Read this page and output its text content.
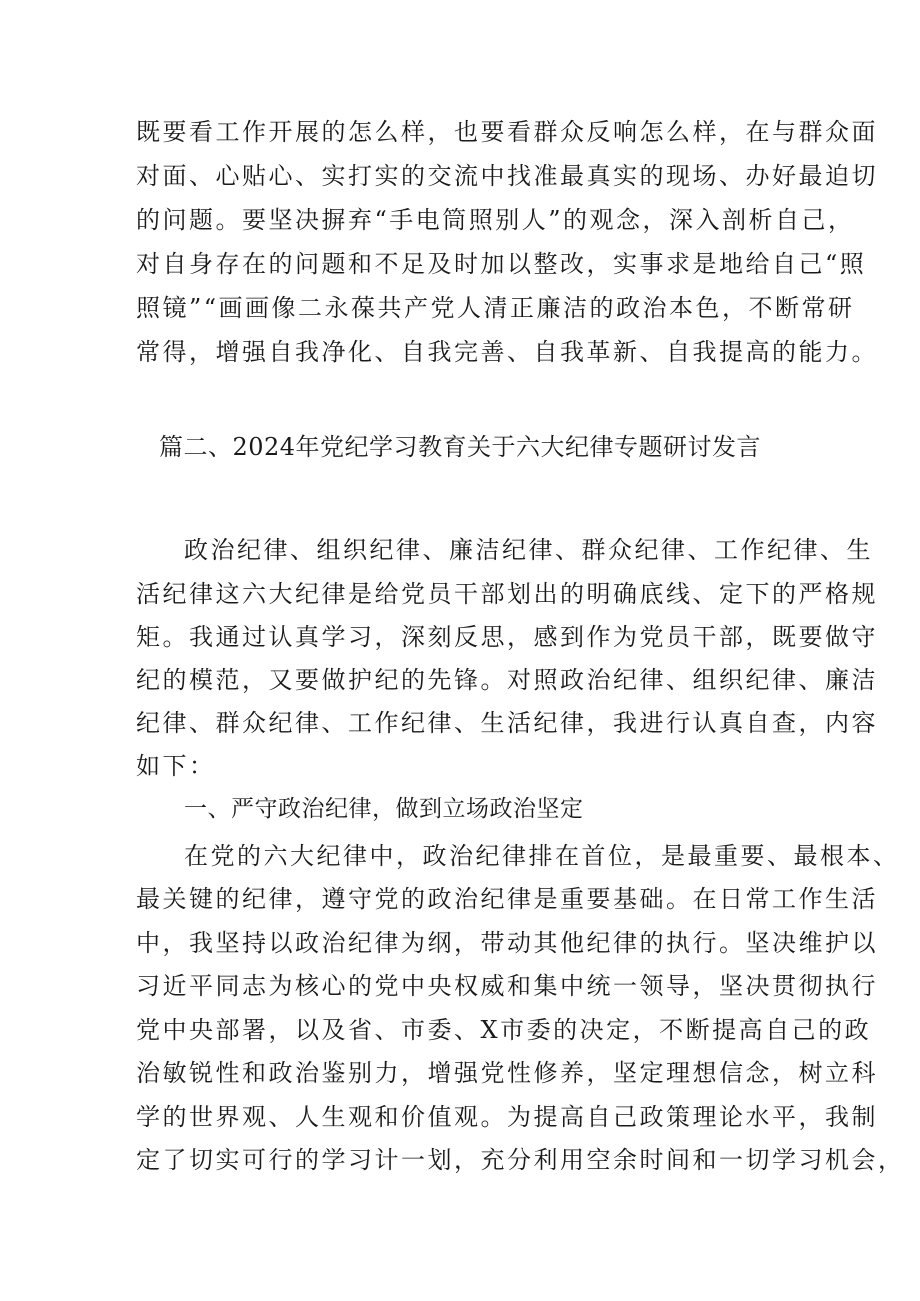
既要看工作开展的怎么样，也要看群众反响怎么样，在与群众面
对面、心贴心、实打实的交流中找准最真实的现场、办好最迫切
的问题。要坚决摒弃“手电筒照别人”的观念，深入剖析自己，
对自身存在的问题和不足及时加以整改，实事求是地给自己“照
照镜”“画画像二永葆共产党人清正廉洁的政治本色，不断常研
常得，增强自我净化、自我完善、自我革新、自我提高的能力。
篇二、2024年党纪学习教育关于六大纪律专题研讨发言
政治纪律、组织纪律、廉洁纪律、群众纪律、工作纪律、生
活纪律这六大纪律是给党员干部划出的明确底线、定下的严格规
矩。我通过认真学习，深刻反思，感到作为党员干部，既要做守
纪的模范，又要做护纪的先锋。对照政治纪律、组织纪律、廉洁
纪律、群众纪律、工作纪律、生活纪律，我进行认真自查，内容
如下：
一、严守政治纪律，做到立场政治坚定
在党的六大纪律中，政治纪律排在首位，是最重要、最根本、
最关键的纪律，遵守党的政治纪律是重要基础。在日常工作生活
中，我坚持以政治纪律为纲，带动其他纪律的执行。坚决维护以
习近平同志为核心的党中央权威和集中统一领导，坚决贯彻执行
党中央部署，以及省、市委、X市委的决定，不断提高自己的政
治敏锐性和政治鉴别力，增强党性修养，坚定理想信念，树立科
学的世界观、人生观和价值观。为提高自己政策理论水平，我制
定了切实可行的学习计一划，充分利用空余时间和一切学习机会，
